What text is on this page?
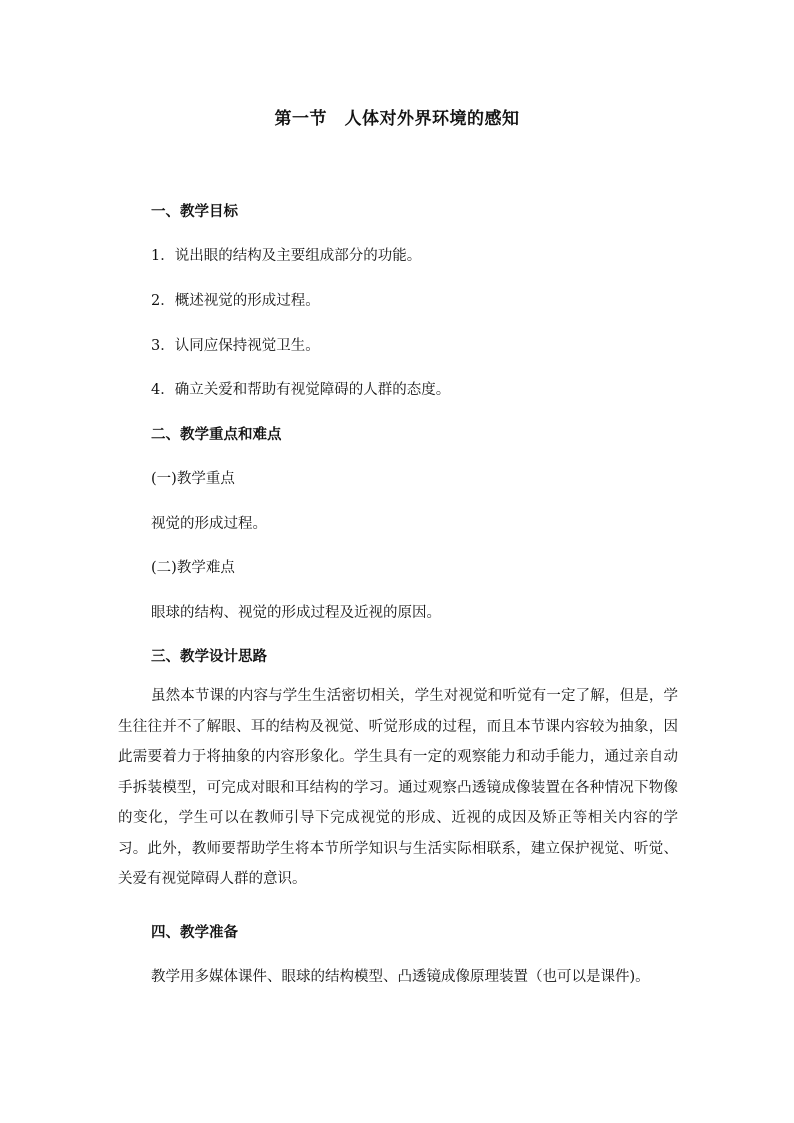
第一节　人体对外界环境的感知
一、教学目标
1．说出眼的结构及主要组成部分的功能。
2．概述视觉的形成过程。
3．认同应保持视觉卫生。
4．确立关爱和帮助有视觉障碍的人群的态度。
二、教学重点和难点
(一)教学重点
视觉的形成过程。
(二)教学难点
眼球的结构、视觉的形成过程及近视的原因。
三、教学设计思路
虽然本节课的内容与学生生活密切相关，学生对视觉和听觉有一定了解，但是，学生往往并不了解眼、耳的结构及视觉、听觉形成的过程，而且本节课内容较为抽象，因此需要着力于将抽象的内容形象化。学生具有一定的观察能力和动手能力，通过亲自动手拆装模型，可完成对眼和耳结构的学习。通过观察凸透镜成像装置在各种情况下物像的变化，学生可以在教师引导下完成视觉的形成、近视的成因及矫正等相关内容的学习。此外，教师要帮助学生将本节所学知识与生活实际相联系，建立保护视觉、听觉、关爱有视觉障碍人群的意识。
四、教学准备
教学用多媒体课件、眼球的结构模型、凸透镜成像原理装置（也可以是课件)。
